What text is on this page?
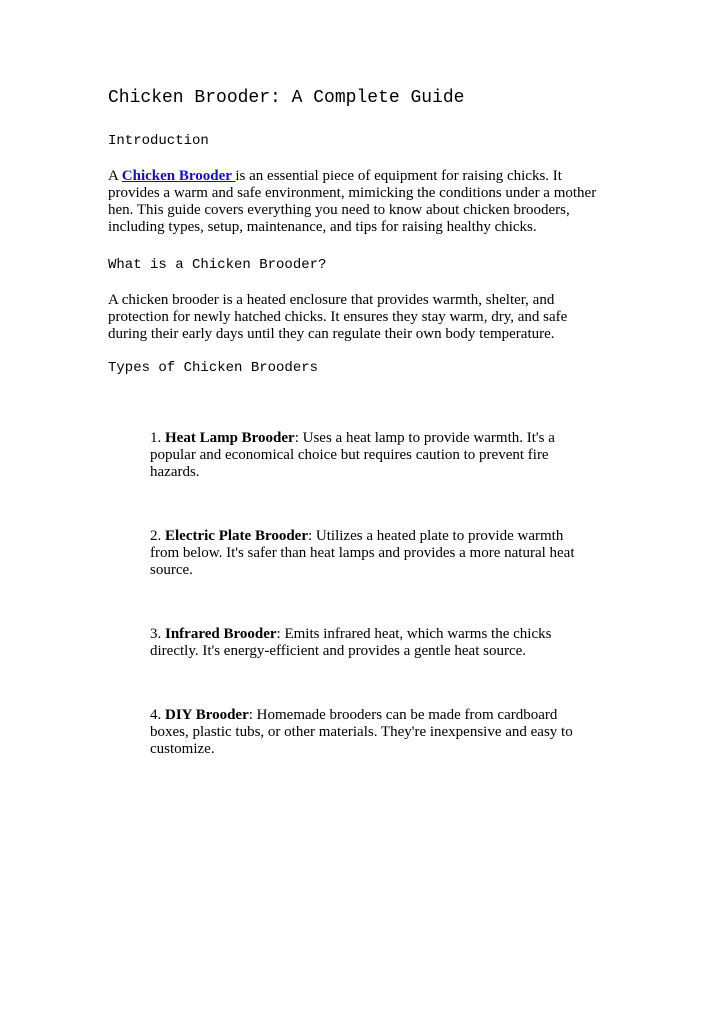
Chicken Brooder: A Complete Guide
Introduction

A Chicken Brooder is an essential piece of equipment for raising chicks. It provides a warm and safe environment, mimicking the conditions under a mother hen. This guide covers everything you need to know about chicken brooders, including types, setup, maintenance, and tips for raising healthy chicks.

What is a Chicken Brooder?

A chicken brooder is a heated enclosure that provides warmth, shelter, and protection for newly hatched chicks. It ensures they stay warm, dry, and safe during their early days until they can regulate their own body temperature.

Types of Chicken Brooders
1. Heat Lamp Brooder: Uses a heat lamp to provide warmth. It's a popular and economical choice but requires caution to prevent fire hazards.
2. Electric Plate Brooder: Utilizes a heated plate to provide warmth from below. It's safer than heat lamps and provides a more natural heat source.
3. Infrared Brooder: Emits infrared heat, which warms the chicks directly. It's energy-efficient and provides a gentle heat source.
4. DIY Brooder: Homemade brooders can be made from cardboard boxes, plastic tubs, or other materials. They're inexpensive and easy to customize.
